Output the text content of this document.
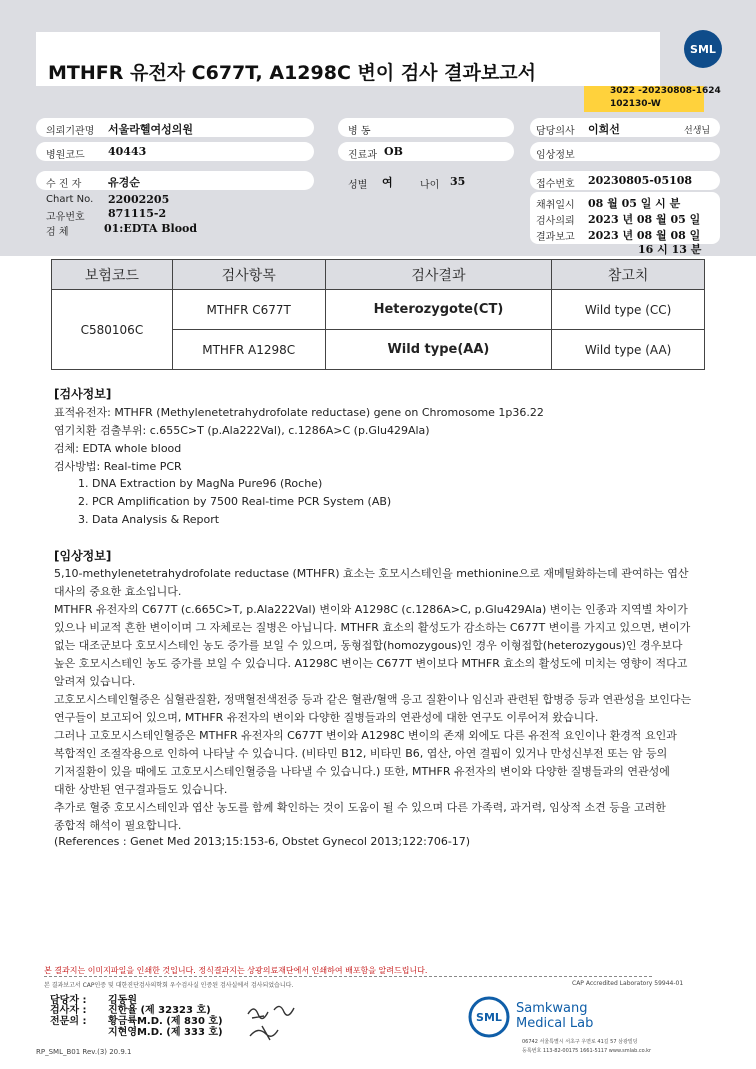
MTHFR 유전자 C677T, A1298C 변이 검사 결과보고서
SML
3022 -20230808-1624
102130-W
의뢰기관명 서울라헬여성의원	병 동	담당의사 이희선	선생님
병원코드 40443	진료과 OB	임상정보
수 진 자 유경순	성별 여	나이 35	접수번호 20230805-05108
Chart No. 22002205
고유번호 871115-2
검 체	01:EDTA Blood
채취일시 08 월 05 일 시 분
검사의뢰 2023 년 08 월 05 일
결과보고 2023 년 08 월 08 일
16 시 13 분
보험코드	검사항목	검사결과	참고치
C580106C	MTHFR C677T	Heterozygote(CT)	Wild type (CC)
	MTHFR A1298C	Wild type(AA)	Wild type (AA)
[검사정보]
표적유전자: MTHFR (Methylenetetrahydrofolate reductase) gene on Chromosome 1p36.22
염기치환 검출부위: c.655C>T (p.Ala222Val), c.1286A>C (p.Glu429Ala)
검체: EDTA whole blood
검사방법: Real-time PCR
1. DNA Extraction by MagNa Pure96 (Roche)
2. PCR Amplification by 7500 Real-time PCR System (AB)
3. Data Analysis & Report
[임상정보]
5,10-methylenetetrahydrofolate reductase (MTHFR) 효소는 호모시스테인을 methionine으로 재메틸화하는데 관여하는 엽산
대사의 중요한 효소입니다.
MTHFR 유전자의 C677T (c.665C>T, p.Ala222Val) 변이와 A1298C (c.1286A>C, p.Glu429Ala) 변이는 인종과 지역별 차이가
있으나 비교적 흔한 변이이며 그 자체로는 질병은 아닙니다. MTHFR 효소의 활성도가 감소하는 C677T 변이를 가지고 있으면, 변이가
없는 대조군보다 호모시스테인 농도 증가를 보일 수 있으며, 동형접합(homozygous)인 경우 이형접합(heterozygous)인 경우보다
높은 호모시스테인 농도 증가를 보일 수 있습니다. A1298C 변이는 C677T 변이보다 MTHFR 효소의 활성도에 미치는 영향이 적다고
알려져 있습니다.
고호모시스테인혈증은 심혈관질환, 정맥혈전색전증 등과 같은 혈관/혈액 응고 질환이나 임신과 관련된 합병증 등과 연관성을 보인다는
연구들이 보고되어 있으며, MTHFR 유전자의 변이와 다양한 질병들과의 연관성에 대한 연구도 이루어져 왔습니다.
그러나 고호모시스테인혈증은 MTHFR 유전자의 C677T 변이와 A1298C 변이의 존재 외에도 다른 유전적 요인이나 환경적 요인과
복합적인 조절작용으로 인하여 나타날 수 있습니다. (비타민 B12, 비타민 B6, 엽산, 아연 결핍이 있거나 만성신부전 또는 암 등의
기저질환이 있을 때에도 고호모시스테인혈증을 나타낼 수 있습니다.) 또한, MTHFR 유전자의 변이와 다양한 질병들과의 연관성에
대한 상반된 연구결과들도 있습니다.
추가로 혈중 호모시스테인과 엽산 농도를 함께 확인하는 것이 도움이 될 수 있으며 다른 가족력, 과거력, 임상적 소견 등을 고려한
종합적 해석이 필요합니다.
(References : Genet Med 2013;15:153-6, Obstet Gynecol 2013;122:706-17)
본 결과지는 이미지파일을 인쇄한 것입니다. 정식결과지는 상광의료재단에서 인쇄하여 배포함을 알려드립니다.
본 결과보고서 CAP인증 및 대한진단검사의학회 우수검사실 인증된 검사실에서 검사되었습니다.	CAP Accredited Laboratory 59944-01
담당자 : 김동원
검사자 : 진한율 (제 32323 호)
전문의 : 황금륙M.D. (제 830 호)
지현영M.D. (제 333 호)
SML
Samkwang
Medical Lab
06742 서울특별시 서초구 우면로 41길 57 삼광빌딩
등록번호 113-82-00175 1661-5117 www.smlab.co.kr
RP_SML_B01 Rev.(3) 20.9.1
